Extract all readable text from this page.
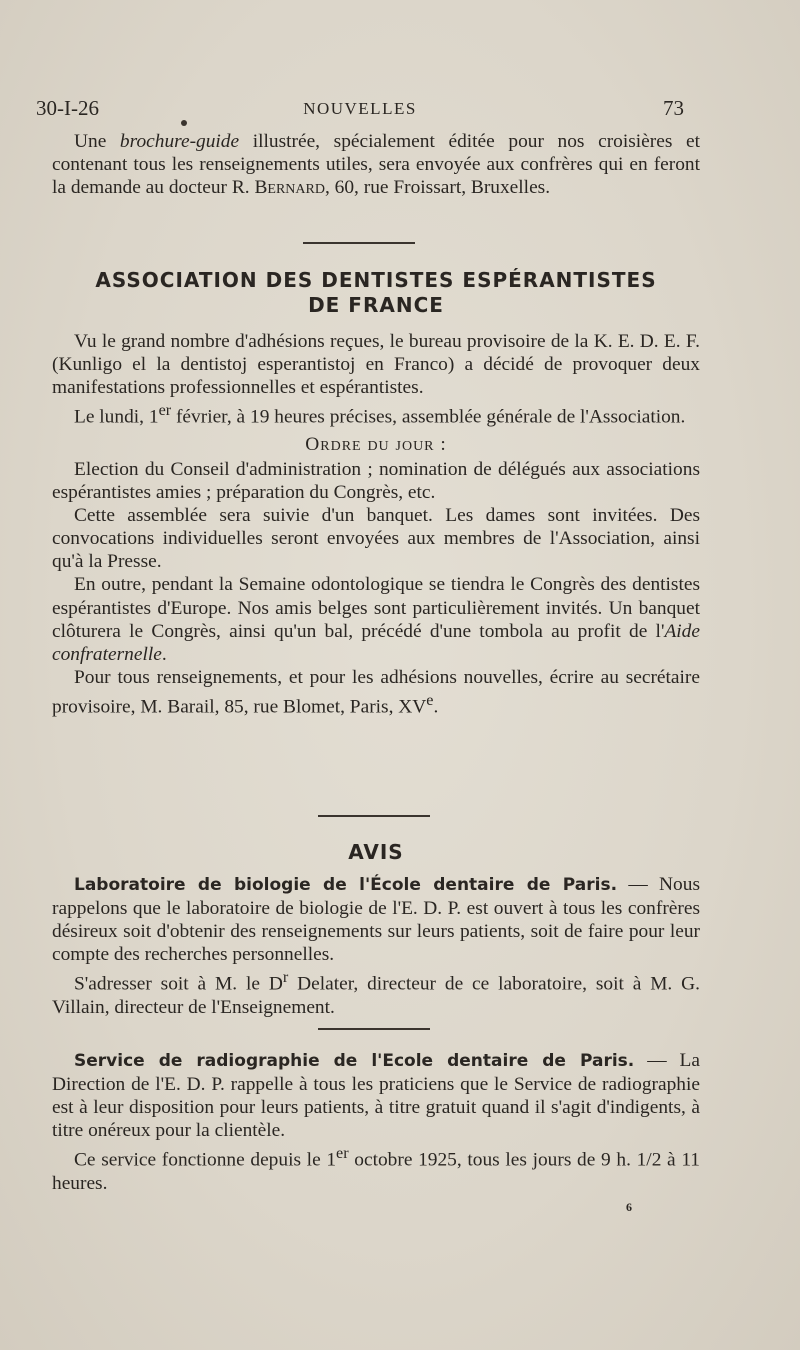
30-I-26	NOUVELLES	73

Une brochure-guide illustrée, spécialement éditée pour nos croisières et contenant tous les renseignements utiles, sera envoyée aux confrères qui en feront la demande au docteur R. Bernard, 60, rue Froissart, Bruxelles.

ASSOCIATION DES DENTISTES ESPÉRANTISTES
DE FRANCE

Vu le grand nombre d'adhésions reçues, le bureau provisoire de la K. E. D. E. F. (Kunligo el la dentistoj esperantistoj en Franco) a décidé de provoquer deux manifestations professionnelles et espérantistes.

Le lundi, 1er février, à 19 heures précises, assemblée générale de l'Association.

Ordre du jour :

Election du Conseil d'administration ; nomination de délégués aux associations espérantistes amies ; préparation du Congrès, etc.

Cette assemblée sera suivie d'un banquet. Les dames sont invitées. Des convocations individuelles seront envoyées aux membres de l'Association, ainsi qu'à la Presse.

En outre, pendant la Semaine odontologique se tiendra le Congrès des dentistes espérantistes d'Europe. Nos amis belges sont particulièrement invités. Un banquet clôturera le Congrès, ainsi qu'un bal, précédé d'une tombola au profit de l'Aide confraternelle.

Pour tous renseignements, et pour les adhésions nouvelles, écrire au secrétaire provisoire, M. Barail, 85, rue Blomet, Paris, XVe.

AVIS

Laboratoire de biologie de l'École dentaire de Paris. — Nous rappelons que le laboratoire de biologie de l'E. D. P. est ouvert à tous les confrères désireux soit d'obtenir des renseignements sur leurs patients, soit de faire pour leur compte des recherches personnelles.

S'adresser soit à M. le $D^r$ Delater, directeur de ce laboratoire, soit à M. G. Villain, directeur de l'Enseignement.

Service de radiographie de l'Ecole dentaire de Paris. — La Direction de l'E. D. P. rappelle à tous les praticiens que le Service de radiographie est à leur disposition pour leurs patients, à titre gratuit quand il s'agit d'indigents, à titre onéreux pour la clientèle.

Ce service fonctionne depuis le 1er octobre 1925, tous les jours de 9 h. 1/2 à 11 heures.

6
